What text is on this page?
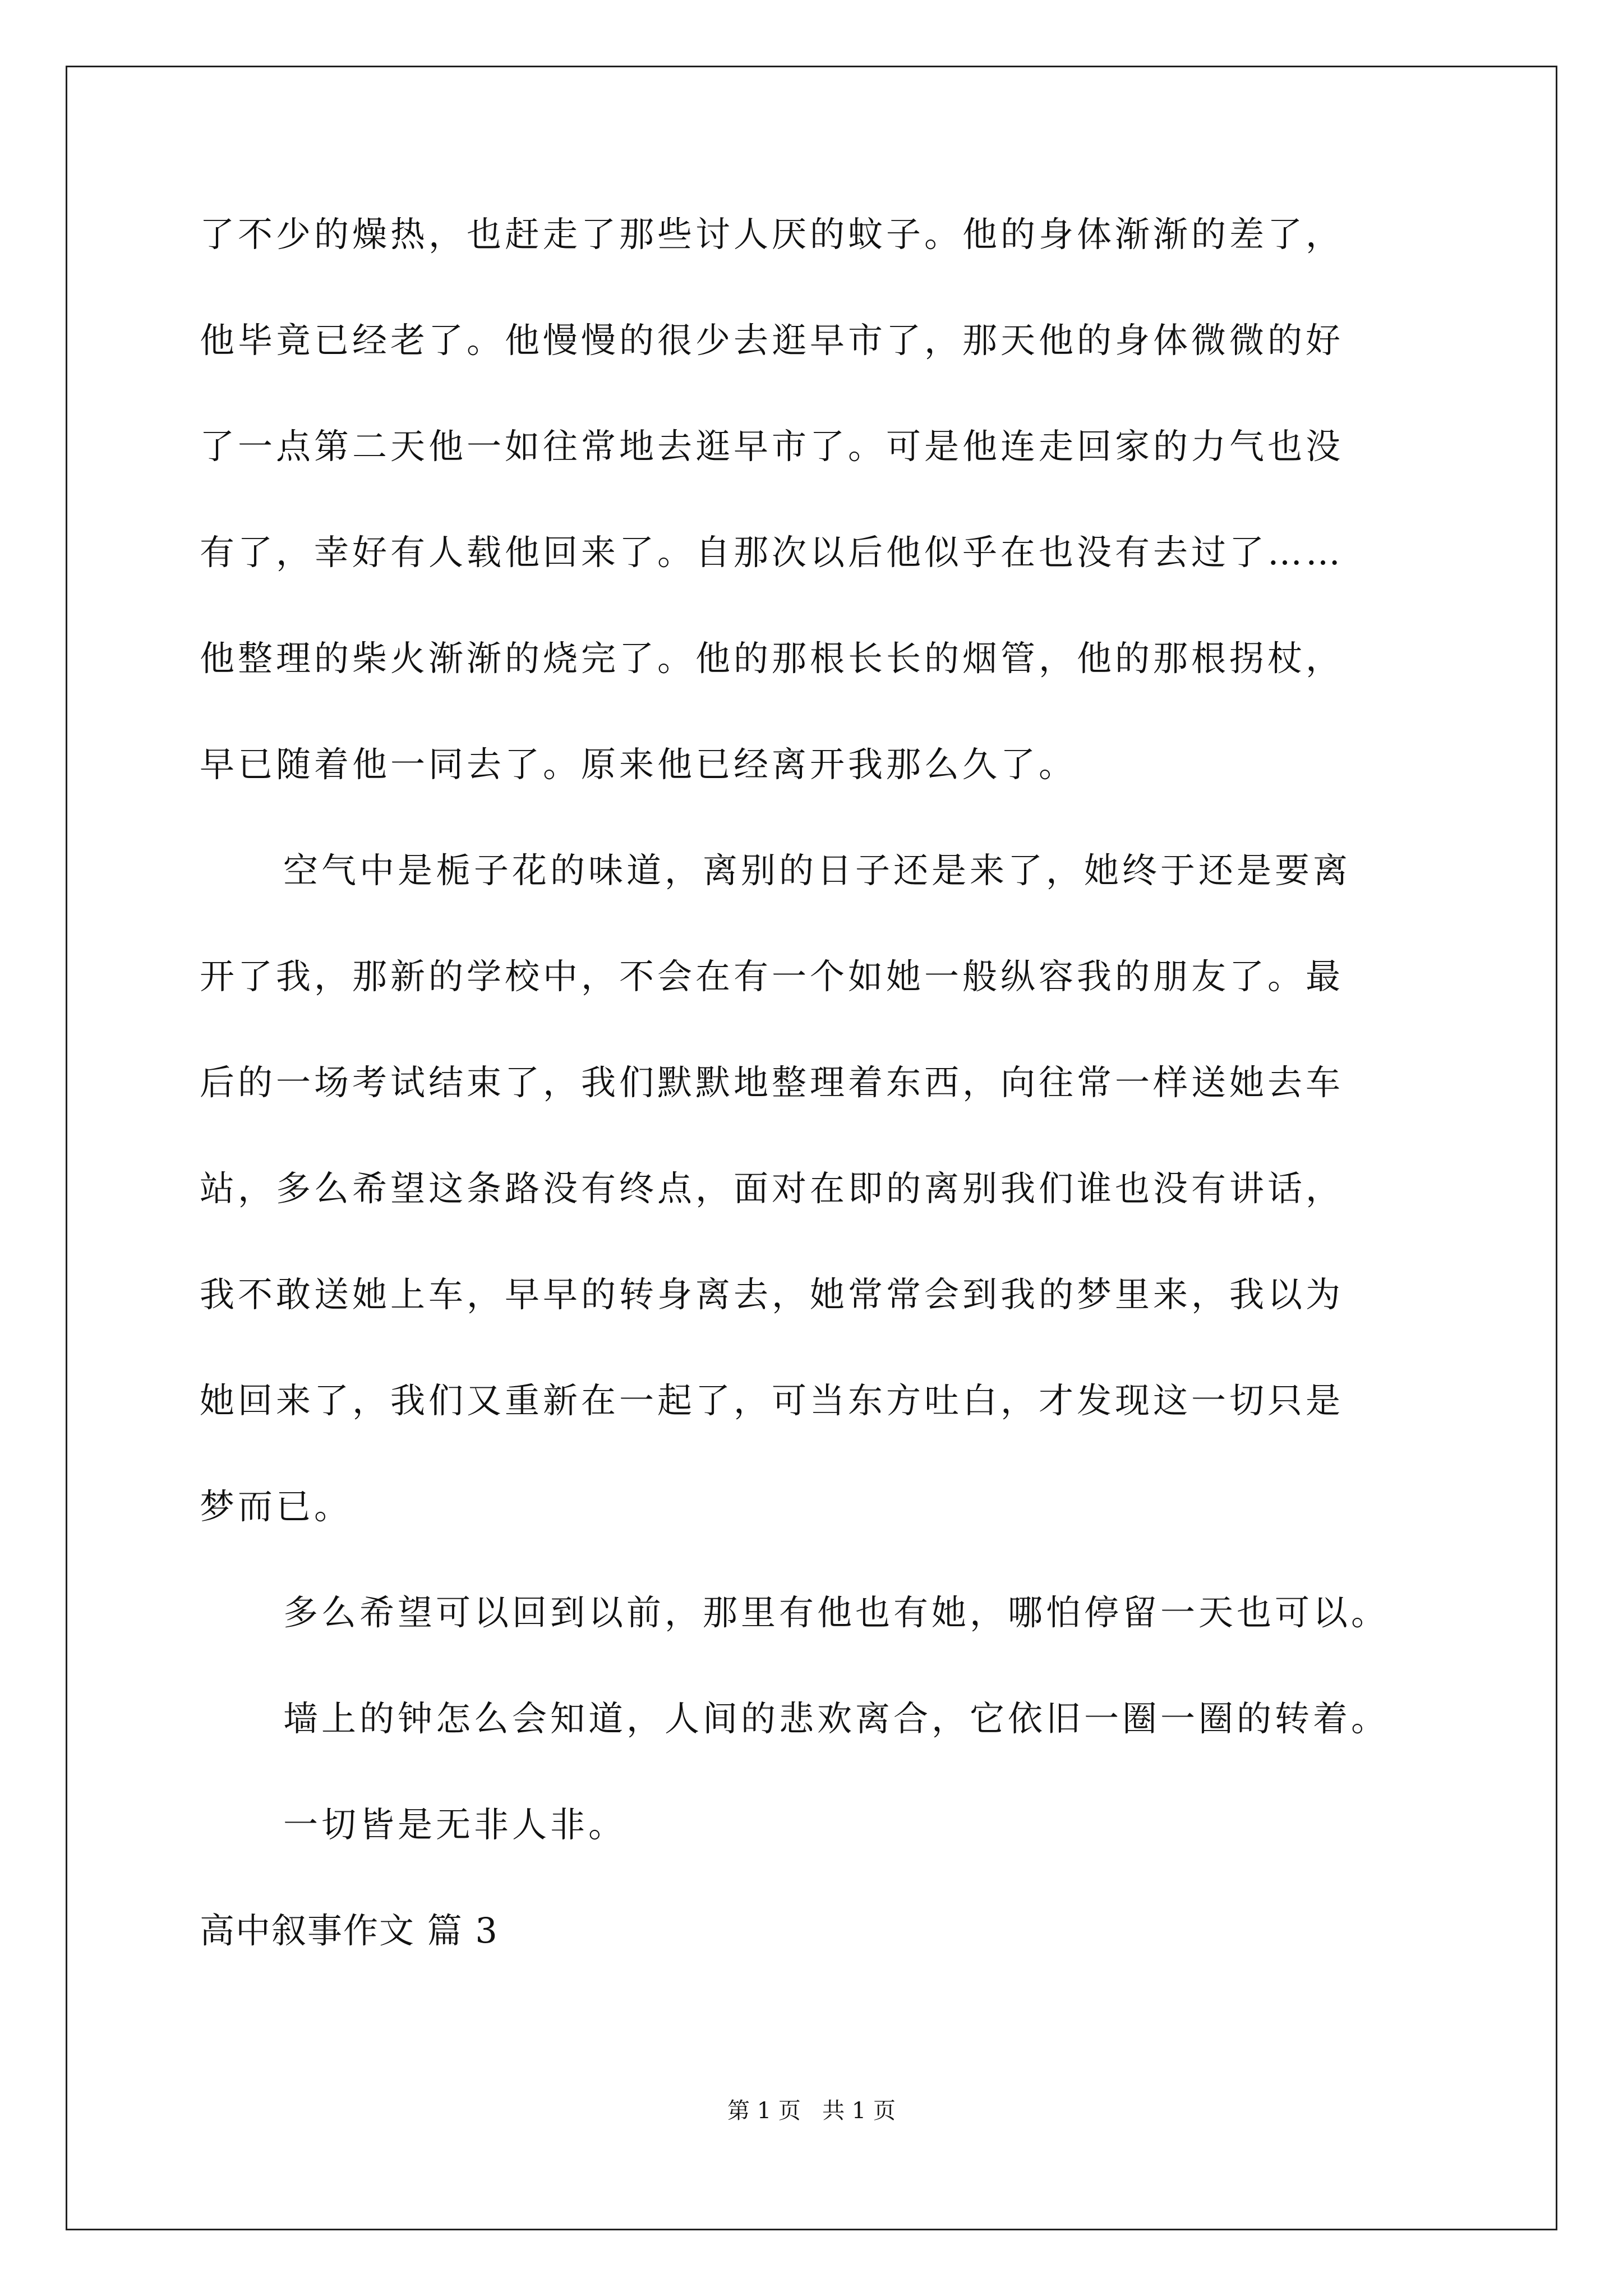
了不少的燥热，也赶走了那些讨人厌的蚊子。他的身体渐渐的差了，
他毕竟已经老了。他慢慢的很少去逛早市了，那天他的身体微微的好
了一点第二天他一如往常地去逛早市了。可是他连走回家的力气也没
有了，幸好有人载他回来了。自那次以后他似乎在也没有去过了……
他整理的柴火渐渐的烧完了。他的那根长长的烟管，他的那根拐杖，
早已随着他一同去了。原来他已经离开我那么久了。
空气中是栀子花的味道，离别的日子还是来了，她终于还是要离
开了我，那新的学校中，不会在有一个如她一般纵容我的朋友了。最
后的一场考试结束了，我们默默地整理着东西，向往常一样送她去车
站，多么希望这条路没有终点，面对在即的离别我们谁也没有讲话，
我不敢送她上车，早早的转身离去，她常常会到我的梦里来，我以为
她回来了，我们又重新在一起了，可当东方吐白，才发现这一切只是
梦而已。
多么希望可以回到以前，那里有他也有她，哪怕停留一天也可以。
墙上的钟怎么会知道，人间的悲欢离合，它依旧一圈一圈的转着。
一切皆是无非人非。
高中叙事作文 篇 3
第 1 页   共 1 页
